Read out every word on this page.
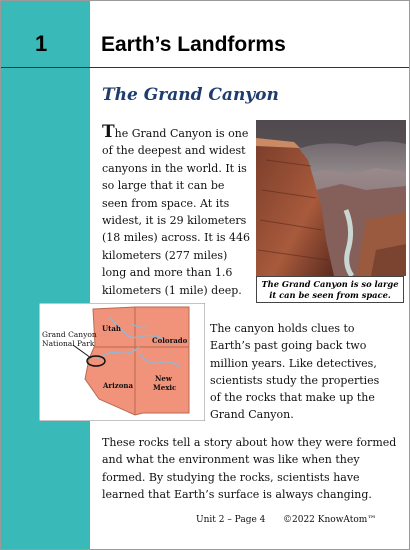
1	Earth’s Landforms
The Grand Canyon

The Grand Canyon is one of the deepest and widest canyons in the world. It is so large that it can be seen from space. At its widest, it is 29 kilometers (18 miles) across. It is 446 kilometers (277 miles) long and more than 1.6 kilometers (1 mile) deep.	The Grand Canyon is so large it can be seen from space.
Grand Canyon
National Park
Utah
Colorado
Arizona
New
Mexic

The canyon holds clues to Earth’s past going back two million years. Like detectives, scientists study the properties of the rocks that make up the Grand Canyon.

These rocks tell a story about how they were formed and what the environment was like when they formed. By studying the rocks, scientists have learned that Earth’s surface is always changing.

Unit 2 – Page 4 ©2022 KnowAtom™
